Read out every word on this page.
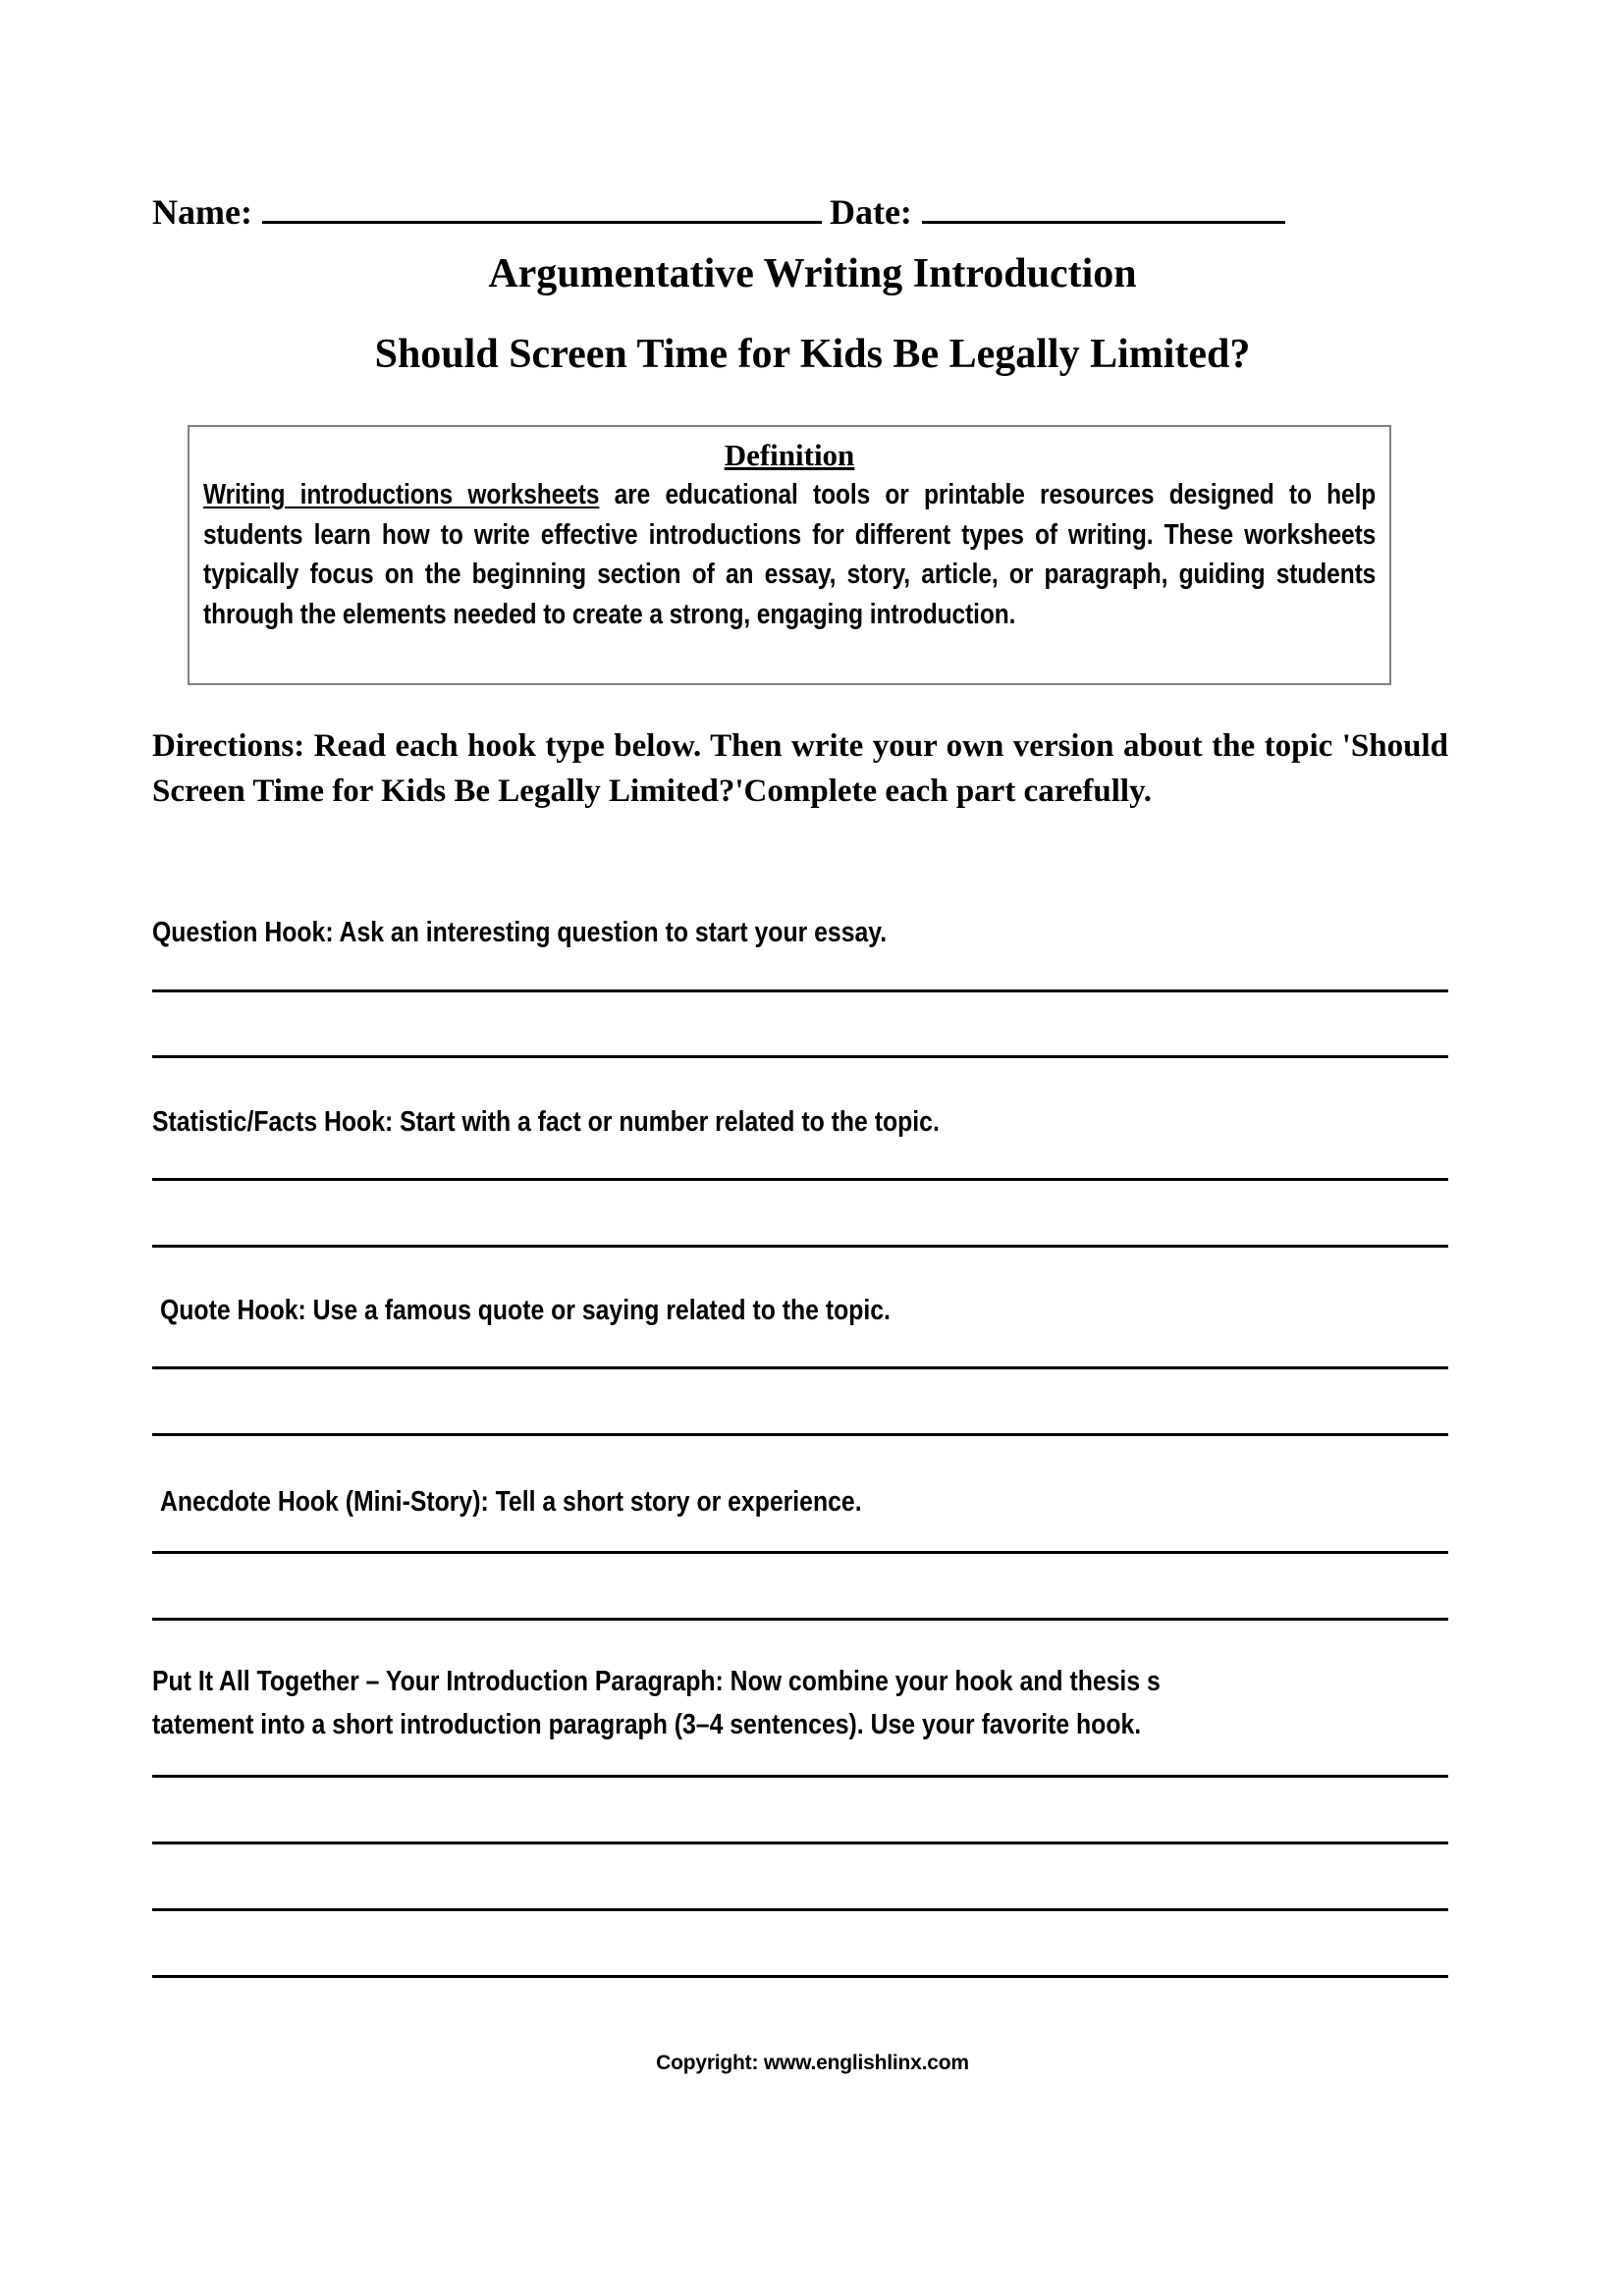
Name:	Date:
Argumentative Writing Introduction
Should Screen Time for Kids Be Legally Limited?
Definition
Writing introductions worksheets are educational tools or printable resources designed to help students learn how to write effective introductions for different types of writing. These worksheets typically focus on the beginning section of an essay, story, article, or paragraph, guiding students through the elements needed to create a strong, engaging introduction.
Directions: Read each hook type below. Then write your own version about the topic 'Should Screen Time for Kids Be Legally Limited?'Complete each part carefully.
Question Hook: Ask an interesting question to start your essay.
Statistic/Facts Hook: Start with a fact or number related to the topic.
Quote Hook: Use a famous quote or saying related to the topic.
Anecdote Hook (Mini-Story): Tell a short story or experience.
Put It All Together – Your Introduction Paragraph: Now combine your hook and thesis s
tatement into a short introduction paragraph (3–4 sentences). Use your favorite hook.
Copyright: www.englishlinx.com
